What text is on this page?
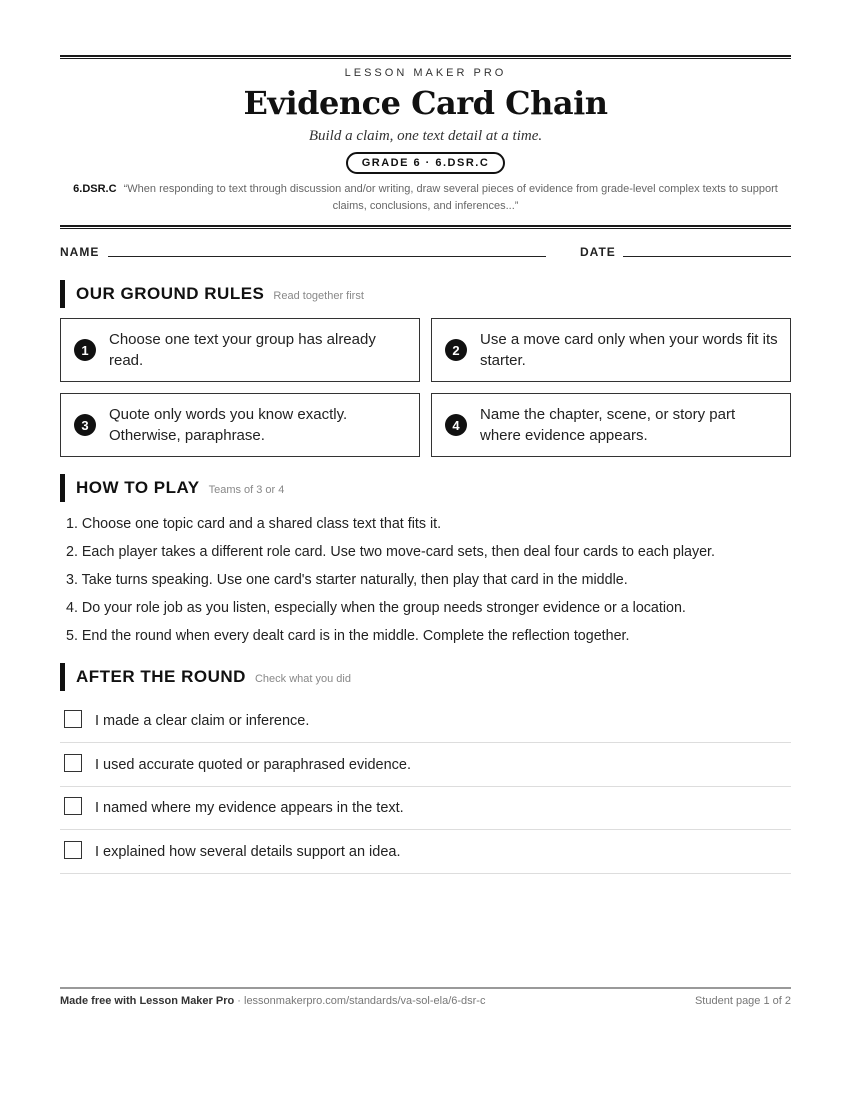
LESSON MAKER PRO
Evidence Card Chain
Build a claim, one text detail at a time.
GRADE 6 · 6.DSR.C
6.DSR.C “When responding to text through discussion and/or writing, draw several pieces of evidence from grade-level complex texts to support claims, conclusions, and inferences...”
NAME	DATE
OUR GROUND RULES Read together first
1
Choose one text your group has already read.
2
Use a move card only when your words fit its starter.
3
Quote only words you know exactly. Otherwise, paraphrase.
4
Name the chapter, scene, or story part where evidence appears.
HOW TO PLAY Teams of 3 or 4
1. Choose one topic card and a shared class text that fits it.
2. Each player takes a different role card. Use two move-card sets, then deal four cards to each player.
3. Take turns speaking. Use one card's starter naturally, then play that card in the middle.
4. Do your role job as you listen, especially when the group needs stronger evidence or a location.
5. End the round when every dealt card is in the middle. Complete the reflection together.
AFTER THE ROUND Check what you did
I made a clear claim or inference.
I used accurate quoted or paraphrased evidence.
I named where my evidence appears in the text.
I explained how several details support an idea.
Made free with Lesson Maker Pro · lessonmakerpro.com/standards/va-sol-ela/6-dsr-c	Student page 1 of 2
